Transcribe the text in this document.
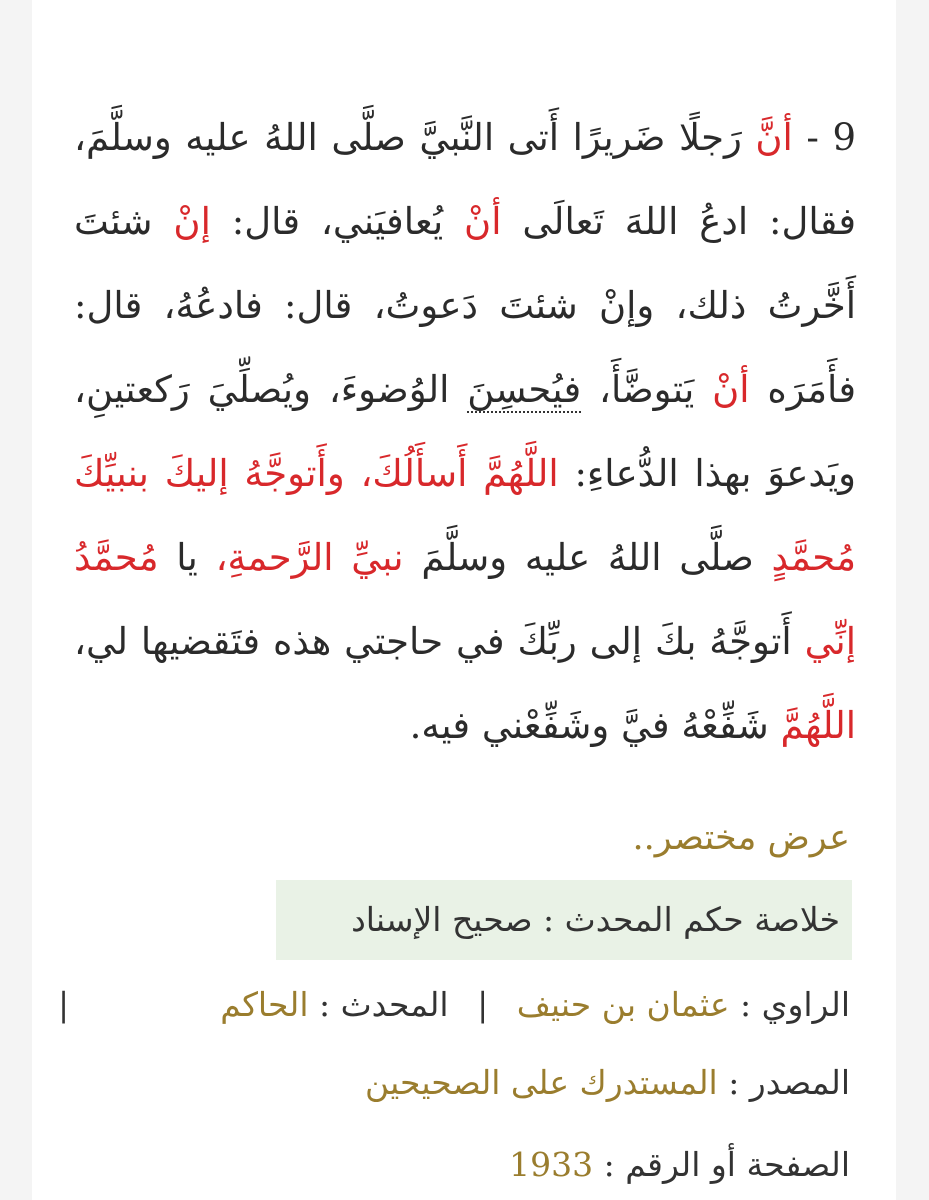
9 - أنَّ رَجلًا ضَريرًا أَتى النَّبيَّ صلَّى اللهُ عليه وسلَّمَ، فقال: ادعُ اللهَ تَعالَى أنْ يُعافيَني، قال: إنْ شئتَ أَخَّرتُ ذلك، وإنْ شئتَ دَعوتُ، قال: فادعُهُ، قال: فأَمَرَه أنْ يَتوضَّأَ، فيُحسِنَ الوُضوءَ، ويُصلِّيَ رَكعتينِ، ويَدعوَ بهذا الدُّعاءِ: اللَّهُمَّ أَسأَلُكَ، وأَتوجَّهُ إليكَ بنبيِّكَ مُحمَّدٍ صلَّى اللهُ عليه وسلَّمَ نبيِّ الرَّحمةِ، يا مُحمَّدُ إنِّي أَتوجَّهُ بكَ إلى ربِّكَ في حاجتي هذه فتَقضيها لي، اللَّهُمَّ شَفِّعْهُ فيَّ وشَفِّعْني فيه.
عرض مختصر..
خلاصة حكم المحدث : صحيح الإسناد
الراوي : عثمان بن حنيف | المحدث : الحاكم
|
المصدر : المستدرك على الصحيحين
الصفحة أو الرقم : 1933
